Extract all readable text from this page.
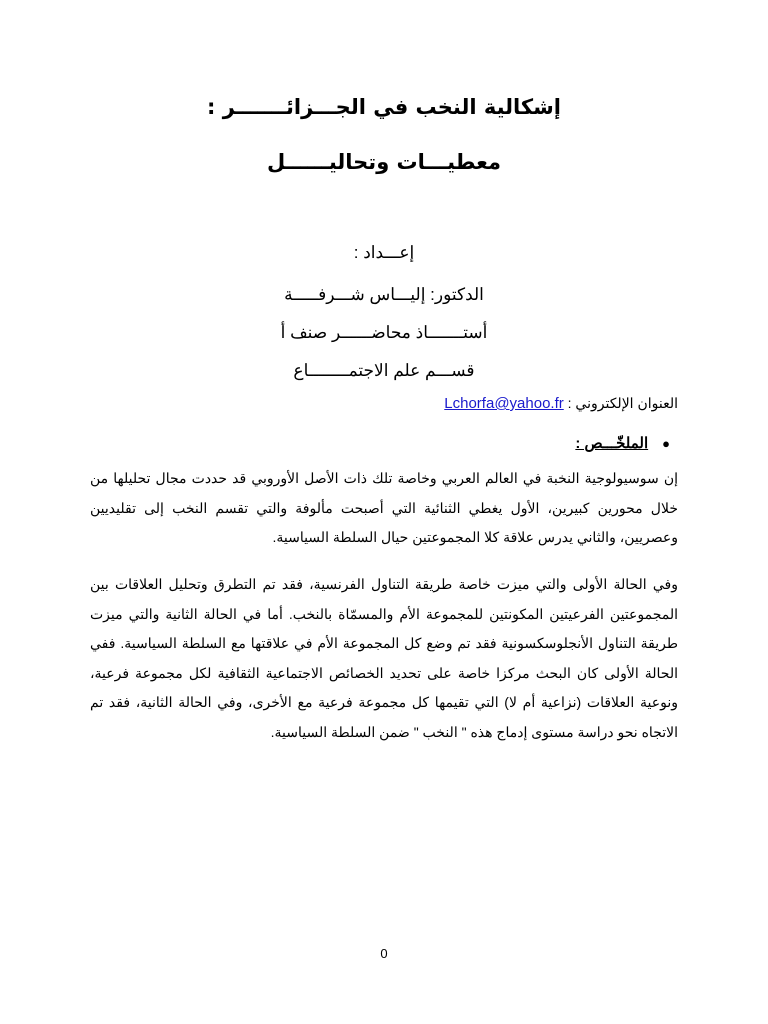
إشكالية النخب في الجـــزائـــــــر :
معطيـــات وتحاليــــــل
إعـــداد :
الدكتور: إليـــاس شـــرفـــــة
أستـــــــاذ محاضــــــر صنف أ
قســـم علم الاجتمــــــــاع
العنوان الإلكتروني : Lchorfa@yahoo.fr
●الملخّـــص :
إن سوسيولوجية النخبة في العالم العربي وخاصة تلك ذات الأصل الأوروبي قد حددت مجال تحليلها من خلال محورين كبيرين، الأول يغطي الثنائية التي أصبحت مألوفة والتي تقسم النخب إلى تقليديين وعصريين، والثاني يدرس علاقة كلا المجموعتين حيال السلطة السياسية.
وفي الحالة الأولى والتي ميزت خاصة طريقة التناول الفرنسية، فقد تم التطرق وتحليل العلاقات بين المجموعتين الفرعيتين المكونتين للمجموعة الأم والمسمّاة بالنخب. أما في الحالة الثانية والتي ميزت طريقة التناول الأنجلوسكسونية فقد تم وضع كل المجموعة الأم في علاقتها مع السلطة السياسية. ففي الحالة الأولى كان البحث مركزا خاصة على تحديد الخصائص الاجتماعية الثقافية لكل مجموعة فرعية، ونوعية العلاقات (نزاعية أم لا) التي تقيمها كل مجموعة فرعية مع الأخرى، وفي الحالة الثانية، فقد تم الاتجاه نحو دراسة مستوى إدماج هذه " النخب " ضمن السلطة السياسية.
0
